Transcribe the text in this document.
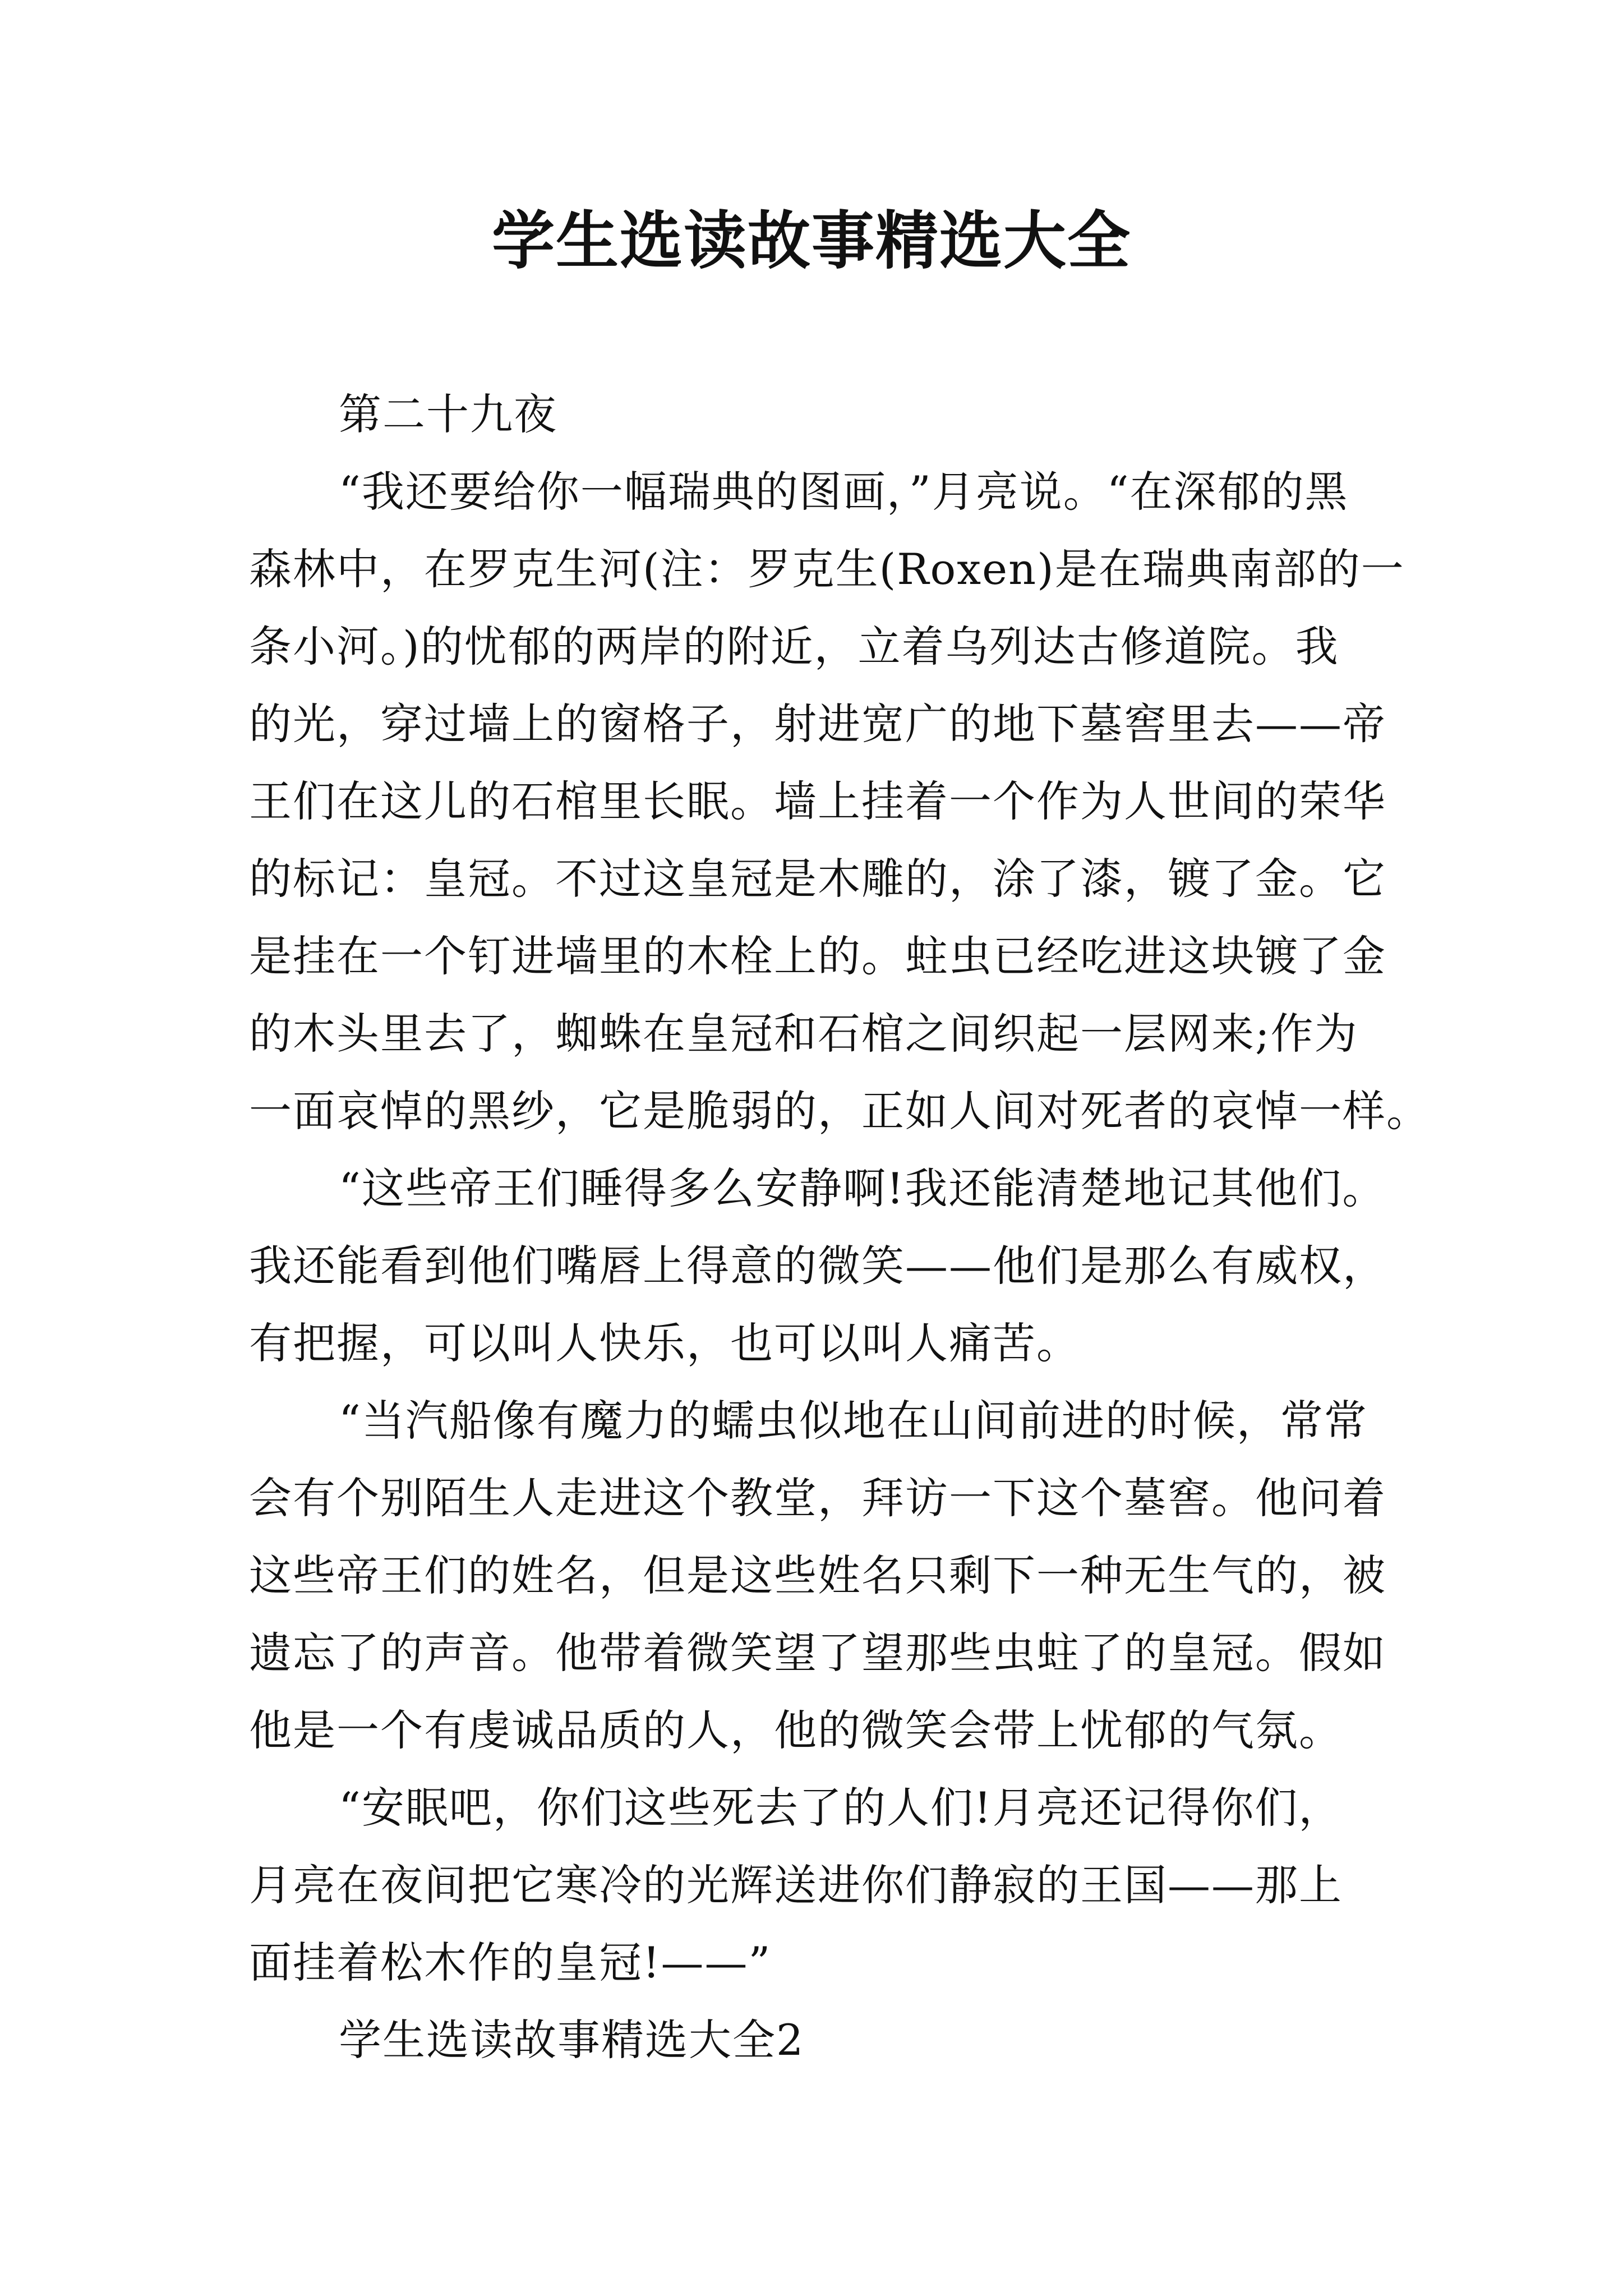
学生选读故事精选大全
第二十九夜
“我还要给你一幅瑞典的图画，”月亮说。“在深郁的黑
森林中，在罗克生河(注：罗克生(Roxen)是在瑞典南部的一
条小河。)的忧郁的两岸的附近，立着乌列达古修道院。我
的光，穿过墙上的窗格子，射进宽广的地下墓窖里去——帝
王们在这儿的石棺里长眠。墙上挂着一个作为人世间的荣华
的标记：皇冠。不过这皇冠是木雕的，涂了漆，镀了金。它
是挂在一个钉进墙里的木栓上的。蛀虫已经吃进这块镀了金
的木头里去了，蜘蛛在皇冠和石棺之间织起一层网来;作为
一面哀悼的黑纱，它是脆弱的，正如人间对死者的哀悼一样。
“这些帝王们睡得多么安静啊!我还能清楚地记其他们。
我还能看到他们嘴唇上得意的微笑——他们是那么有威权，
有把握，可以叫人快乐，也可以叫人痛苦。
“当汽船像有魔力的蠕虫似地在山间前进的时候，常常
会有个别陌生人走进这个教堂，拜访一下这个墓窖。他问着
这些帝王们的姓名，但是这些姓名只剩下一种无生气的，被
遗忘了的声音。他带着微笑望了望那些虫蛀了的皇冠。假如
他是一个有虔诚品质的人，他的微笑会带上忧郁的气氛。
“安眠吧，你们这些死去了的人们!月亮还记得你们，
月亮在夜间把它寒冷的光辉送进你们静寂的王国——那上
面挂着松木作的皇冠!——”
学生选读故事精选大全2
